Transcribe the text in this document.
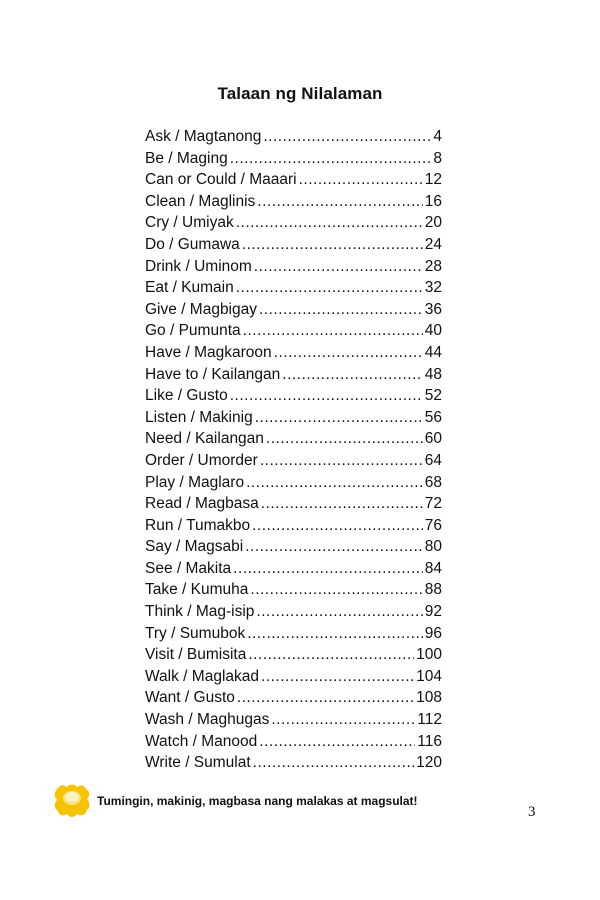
Talaan ng Nilalaman
Ask / Magtanong .....	4
Be / Maging .....	8
Can or Could / Maaari .....	12
Clean / Maglinis .....	16
Cry / Umiyak .....	20
Do / Gumawa .....	24
Drink / Uminom .....	28
Eat / Kumain .....	32
Give / Magbigay .....	36
Go / Pumunta .....	40
Have / Magkaroon .....	44
Have to / Kailangan .....	48
Like / Gusto .....	52
Listen / Makinig .....	56
Need / Kailangan .....	60
Order / Umorder .....	64
Play / Maglaro .....	68
Read / Magbasa .....	72
Run / Tumakbo .....	76
Say / Magsabi .....	80
See / Makita .....	84
Take / Kumuha .....	88
Think / Mag-isip .....	92
Try / Sumubok .....	96
Visit / Bumisita .....	100
Walk / Maglakad .....	104
Want / Gusto .....	108
Wash / Maghugas .....	112
Watch / Manood .....	116
Write / Sumulat .....	120
Tumingin, makinig, magbasa nang malakas at magsulat!
3
